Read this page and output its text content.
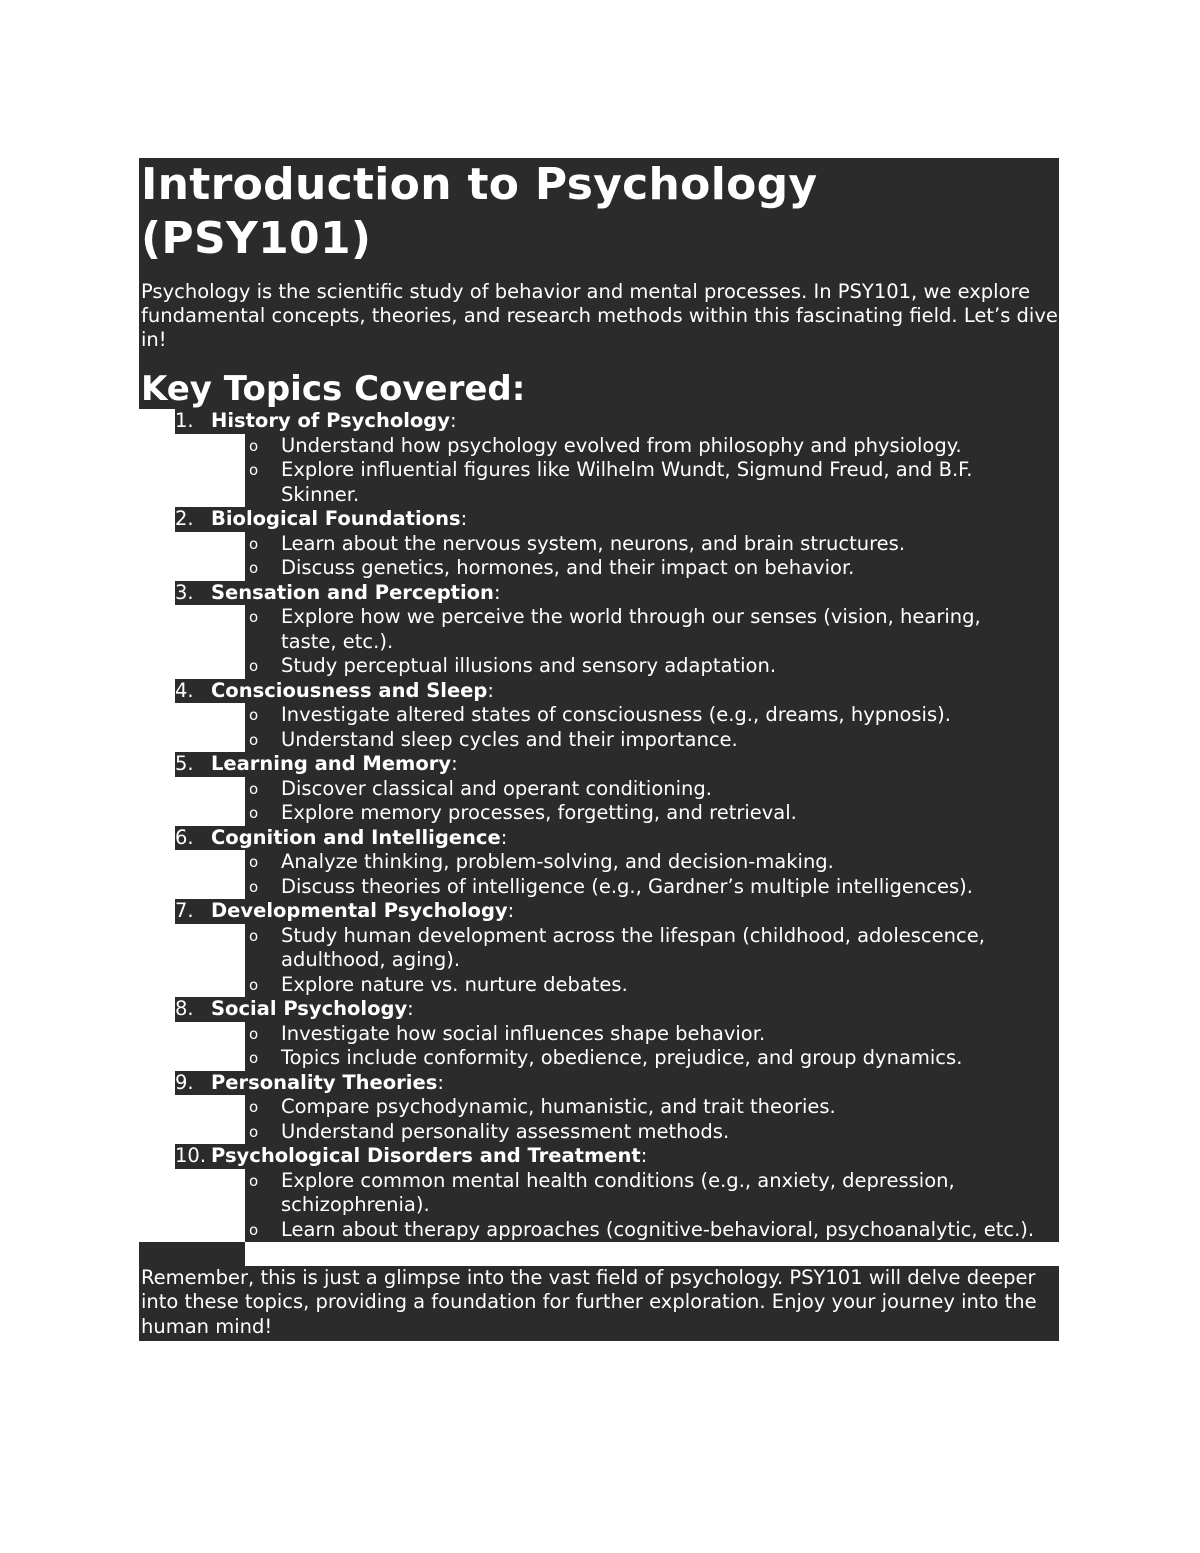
Introduction to Psychology (PSY101)

Psychology is the scientific study of behavior and mental processes. In PSY101, we explore fundamental concepts, theories, and research methods within this fascinating field. Let’s dive in!

Key Topics Covered:
1. History of Psychology :
o	Understand how psychology evolved from philosophy and physiology.
o	Explore influential figures like Wilhelm Wundt, Sigmund Freud, and B.F. Skinner.
2. Biological Foundations :
o	Learn about the nervous system, neurons, and brain structures.
o	Discuss genetics, hormones, and their impact on behavior.
3. Sensation and Perception :
o	Explore how we perceive the world through our senses (vision, hearing, taste, etc.).
o	Study perceptual illusions and sensory adaptation.
4. Consciousness and Sleep :
o	Investigate altered states of consciousness (e.g., dreams, hypnosis).
o	Understand sleep cycles and their importance.
5. Learning and Memory :
o	Discover classical and operant conditioning.
o	Explore memory processes, forgetting, and retrieval.
6. Cognition and Intelligence :
o	Analyze thinking, problem-solving, and decision-making.
o	Discuss theories of intelligence (e.g., Gardner’s multiple intelligences).
7. Developmental Psychology :
o	Study human development across the lifespan (childhood, adolescence, adulthood, aging).
o	Explore nature vs. nurture debates.
8. Social Psychology :
o	Investigate how social influences shape behavior.
o	Topics include conformity, obedience, prejudice, and group dynamics.
9. Personality Theories :
o	Compare psychodynamic, humanistic, and trait theories.
o	Understand personality assessment methods.
10. Psychological Disorders and Treatment :
o	Explore common mental health conditions (e.g., anxiety, depression, schizophrenia).
o	Learn about therapy approaches (cognitive-behavioral, psychoanalytic, etc.).

Remember, this is just a glimpse into the vast field of psychology. PSY101 will delve deeper into these topics, providing a foundation for further exploration. Enjoy your journey into the human mind!
